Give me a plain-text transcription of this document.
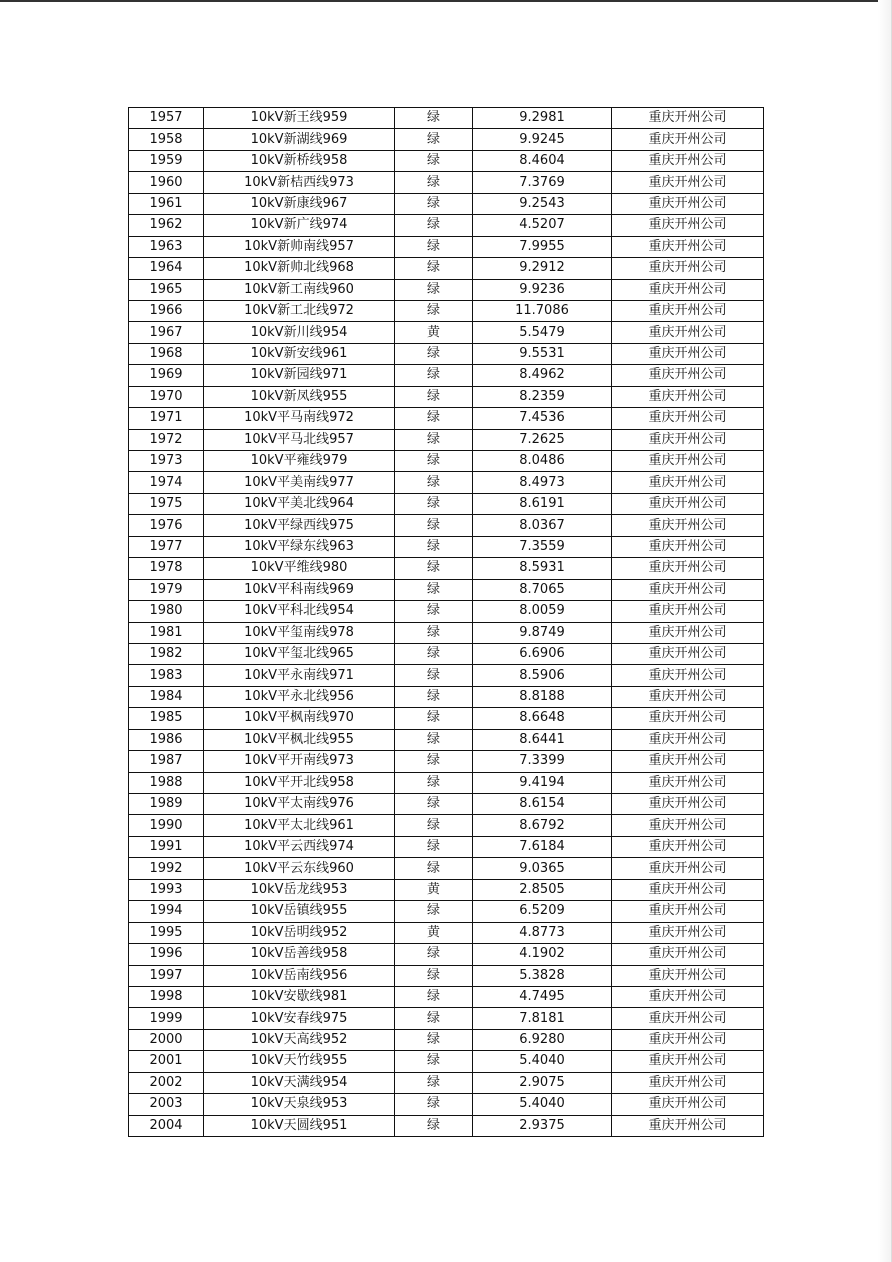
1957	10kV新王线959	绿	9.2981	重庆开州公司
1958	10kV新湖线969	绿	9.9245	重庆开州公司
1959	10kV新桥线958	绿	8.4604	重庆开州公司
1960	10kV新桔西线973	绿	7.3769	重庆开州公司
1961	10kV新康线967	绿	9.2543	重庆开州公司
1962	10kV新广线974	绿	4.5207	重庆开州公司
1963	10kV新帅南线957	绿	7.9955	重庆开州公司
1964	10kV新帅北线968	绿	9.2912	重庆开州公司
1965	10kV新工南线960	绿	9.9236	重庆开州公司
1966	10kV新工北线972	绿	11.7086	重庆开州公司
1967	10kV新川线954	黄	5.5479	重庆开州公司
1968	10kV新安线961	绿	9.5531	重庆开州公司
1969	10kV新园线971	绿	8.4962	重庆开州公司
1970	10kV新凤线955	绿	8.2359	重庆开州公司
1971	10kV平马南线972	绿	7.4536	重庆开州公司
1972	10kV平马北线957	绿	7.2625	重庆开州公司
1973	10kV平雍线979	绿	8.0486	重庆开州公司
1974	10kV平美南线977	绿	8.4973	重庆开州公司
1975	10kV平美北线964	绿	8.6191	重庆开州公司
1976	10kV平绿西线975	绿	8.0367	重庆开州公司
1977	10kV平绿东线963	绿	7.3559	重庆开州公司
1978	10kV平维线980	绿	8.5931	重庆开州公司
1979	10kV平科南线969	绿	8.7065	重庆开州公司
1980	10kV平科北线954	绿	8.0059	重庆开州公司
1981	10kV平玺南线978	绿	9.8749	重庆开州公司
1982	10kV平玺北线965	绿	6.6906	重庆开州公司
1983	10kV平永南线971	绿	8.5906	重庆开州公司
1984	10kV平永北线956	绿	8.8188	重庆开州公司
1985	10kV平枫南线970	绿	8.6648	重庆开州公司
1986	10kV平枫北线955	绿	8.6441	重庆开州公司
1987	10kV平开南线973	绿	7.3399	重庆开州公司
1988	10kV平开北线958	绿	9.4194	重庆开州公司
1989	10kV平太南线976	绿	8.6154	重庆开州公司
1990	10kV平太北线961	绿	8.6792	重庆开州公司
1991	10kV平云西线974	绿	7.6184	重庆开州公司
1992	10kV平云东线960	绿	9.0365	重庆开州公司
1993	10kV岳龙线953	黄	2.8505	重庆开州公司
1994	10kV岳镇线955	绿	6.5209	重庆开州公司
1995	10kV岳明线952	黄	4.8773	重庆开州公司
1996	10kV岳善线958	绿	4.1902	重庆开州公司
1997	10kV岳南线956	绿	5.3828	重庆开州公司
1998	10kV安歇线981	绿	4.7495	重庆开州公司
1999	10kV安春线975	绿	7.8181	重庆开州公司
2000	10kV天高线952	绿	6.9280	重庆开州公司
2001	10kV天竹线955	绿	5.4040	重庆开州公司
2002	10kV天满线954	绿	2.9075	重庆开州公司
2003	10kV天泉线953	绿	5.4040	重庆开州公司
2004	10kV天圆线951	绿	2.9375	重庆开州公司
